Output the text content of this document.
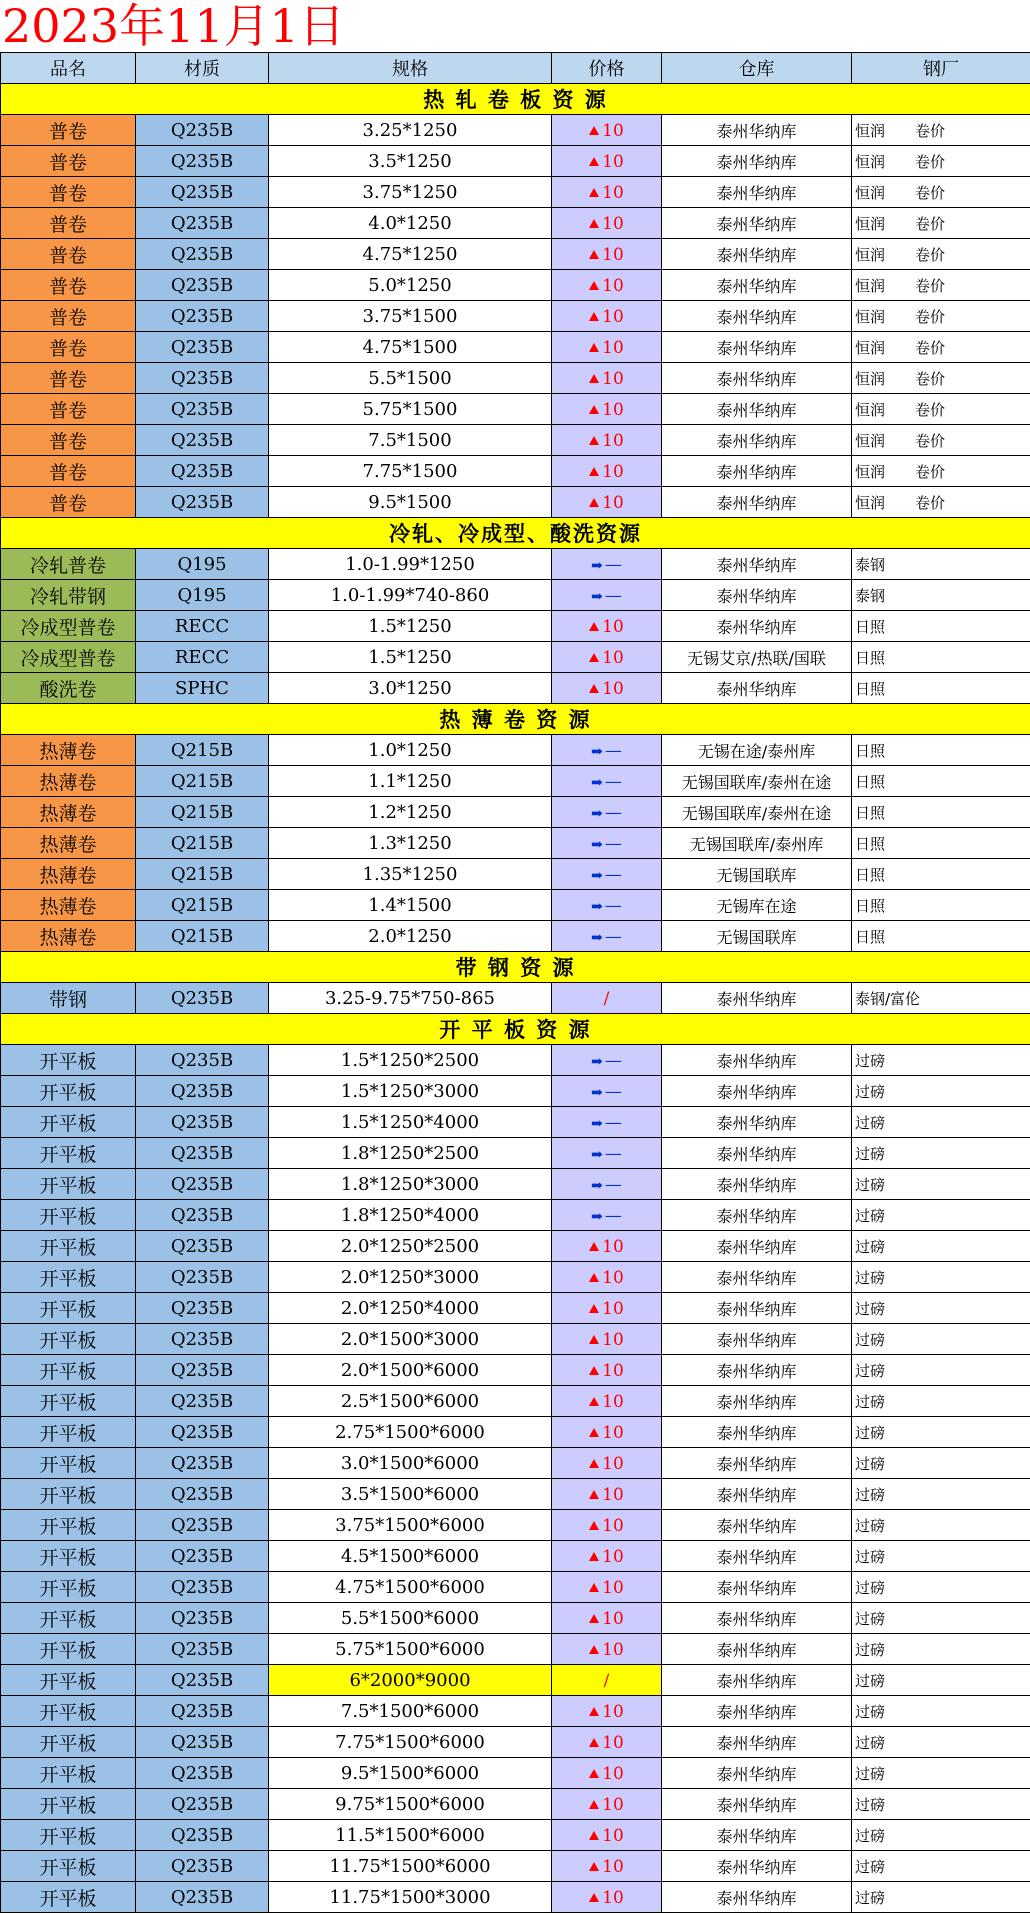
2023年11月1日
品名	材质	规格	价格	仓库	钢厂
热 轧 卷 板 资 源					
普卷	Q235B	3.25*1250	10	泰州华纳库	恒润 卷价
普卷	Q235B	3.5*1250	10	泰州华纳库	恒润 卷价
普卷	Q235B	3.75*1250	10	泰州华纳库	恒润 卷价
普卷	Q235B	4.0*1250	10	泰州华纳库	恒润 卷价
普卷	Q235B	4.75*1250	10	泰州华纳库	恒润 卷价
普卷	Q235B	5.0*1250	10	泰州华纳库	恒润 卷价
普卷	Q235B	3.75*1500	10	泰州华纳库	恒润 卷价
普卷	Q235B	4.75*1500	10	泰州华纳库	恒润 卷价
普卷	Q235B	5.5*1500	10	泰州华纳库	恒润 卷价
普卷	Q235B	5.75*1500	10	泰州华纳库	恒润 卷价
普卷	Q235B	7.5*1500	10	泰州华纳库	恒润 卷价
普卷	Q235B	7.75*1500	10	泰州华纳库	恒润 卷价
普卷	Q235B	9.5*1500	10	泰州华纳库	恒润 卷价
冷轧、冷成型、酸洗资源					
冷轧普卷	Q195	1.0-1.99*1250	➡ —	泰州华纳库	泰钢
冷轧带钢	Q195	1.0-1.99*740-860	➡ —	泰州华纳库	泰钢
冷成型普卷	RECC	1.5*1250	10	泰州华纳库	日照
冷成型普卷	RECC	1.5*1250	10	无锡艾京/热联/国联	日照
酸洗卷	SPHC	3.0*1250	10	泰州华纳库	日照
热 薄 卷 资 源					
热薄卷	Q215B	1.0*1250	➡ —	无锡在途/泰州库	日照
热薄卷	Q215B	1.1*1250	➡ —	无锡国联库/泰州在途	日照
热薄卷	Q215B	1.2*1250	➡ —	无锡国联库/泰州在途	日照
热薄卷	Q215B	1.3*1250	➡ —	无锡国联库/泰州库	日照
热薄卷	Q215B	1.35*1250	➡ —	无锡国联库	日照
热薄卷	Q215B	1.4*1500	➡ —	无锡库在途	日照
热薄卷	Q215B	2.0*1250	➡ —	无锡国联库	日照
带 钢 资 源					
带钢	Q235B	3.25-9.75*750-865	/	泰州华纳库	泰钢/富伦
开 平 板 资 源					
开平板	Q235B	1.5*1250*2500	➡ —	泰州华纳库	过磅
开平板	Q235B	1.5*1250*3000	➡ —	泰州华纳库	过磅
开平板	Q235B	1.5*1250*4000	➡ —	泰州华纳库	过磅
开平板	Q235B	1.8*1250*2500	➡ —	泰州华纳库	过磅
开平板	Q235B	1.8*1250*3000	➡ —	泰州华纳库	过磅
开平板	Q235B	1.8*1250*4000	➡ —	泰州华纳库	过磅
开平板	Q235B	2.0*1250*2500	10	泰州华纳库	过磅
开平板	Q235B	2.0*1250*3000	10	泰州华纳库	过磅
开平板	Q235B	2.0*1250*4000	10	泰州华纳库	过磅
开平板	Q235B	2.0*1500*3000	10	泰州华纳库	过磅
开平板	Q235B	2.0*1500*6000	10	泰州华纳库	过磅
开平板	Q235B	2.5*1500*6000	10	泰州华纳库	过磅
开平板	Q235B	2.75*1500*6000	10	泰州华纳库	过磅
开平板	Q235B	3.0*1500*6000	10	泰州华纳库	过磅
开平板	Q235B	3.5*1500*6000	10	泰州华纳库	过磅
开平板	Q235B	3.75*1500*6000	10	泰州华纳库	过磅
开平板	Q235B	4.5*1500*6000	10	泰州华纳库	过磅
开平板	Q235B	4.75*1500*6000	10	泰州华纳库	过磅
开平板	Q235B	5.5*1500*6000	10	泰州华纳库	过磅
开平板	Q235B	5.75*1500*6000	10	泰州华纳库	过磅
开平板	Q235B	6*2000*9000	/	泰州华纳库	过磅
开平板	Q235B	7.5*1500*6000	10	泰州华纳库	过磅
开平板	Q235B	7.75*1500*6000	10	泰州华纳库	过磅
开平板	Q235B	9.5*1500*6000	10	泰州华纳库	过磅
开平板	Q235B	9.75*1500*6000	10	泰州华纳库	过磅
开平板	Q235B	11.5*1500*6000	10	泰州华纳库	过磅
开平板	Q235B	11.75*1500*6000	10	泰州华纳库	过磅
开平板	Q235B	11.75*1500*3000	10	泰州华纳库	过磅
